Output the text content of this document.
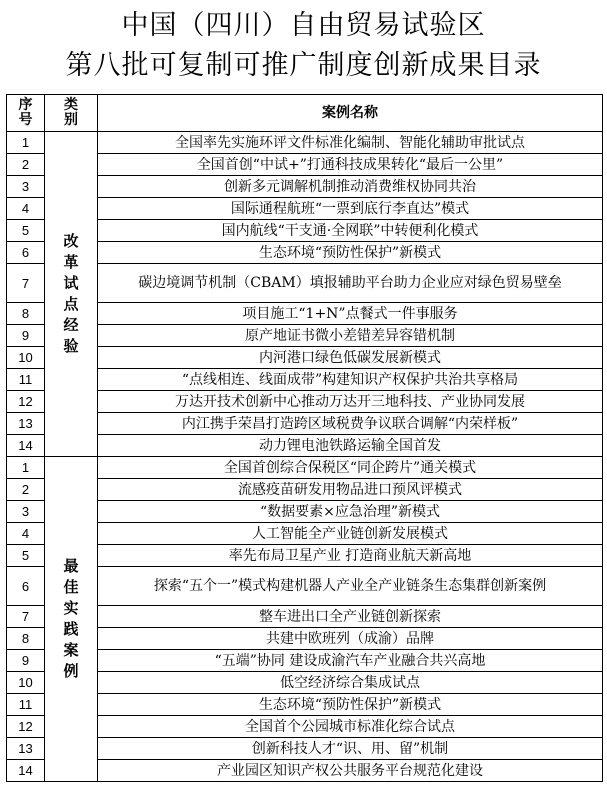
中国（四川）自由贸易试验区
第八批可复制可推广制度创新成果目录
序号	类别	案例名称
1	改革试点经验	全国率先实施环评文件标准化编制、智能化辅助审批试点
2		全国首创“中试+”打通科技成果转化“最后一公里”
3		创新多元调解机制推动消费维权协同共治
4		国际通程航班“一票到底行李直达”模式
5		国内航线“干支通·全网联”中转便利化模式
6		生态环境“预防性保护”新模式
7		碳边境调节机制（CBAM）填报辅助平台助力企业应对绿色贸易壁垒
8		项目施工“1+N”点餐式一件事服务
9		原产地证书微小差错差异容错机制
10		内河港口绿色低碳发展新模式
11		“点线相连、线面成带”构建知识产权保护共治共享格局
12		万达开技术创新中心推动万达开三地科技、产业协同发展
13		内江携手荣昌打造跨区域税费争议联合调解“内荣样板”
14		动力锂电池铁路运输全国首发
1	最佳实践案例	全国首创综合保税区“同企跨片”通关模式
2		流感疫苗研发用物品进口预风评模式
3		“数据要素×应急治理”新模式
4		人工智能全产业链创新发展模式
5		率先布局卫星产业 打造商业航天新高地
6		探索“五个一”模式构建机器人产业全产业链条生态集群创新案例
7		整车进出口全产业链创新探索
8		共建中欧班列（成渝）品牌
9		“五端”协同 建设成渝汽车产业融合共兴高地
10		低空经济综合集成试点
11		生态环境“预防性保护”新模式
12		全国首个公园城市标准化综合试点
13		创新科技人才“识、用、留”机制
14		产业园区知识产权公共服务平台规范化建设
